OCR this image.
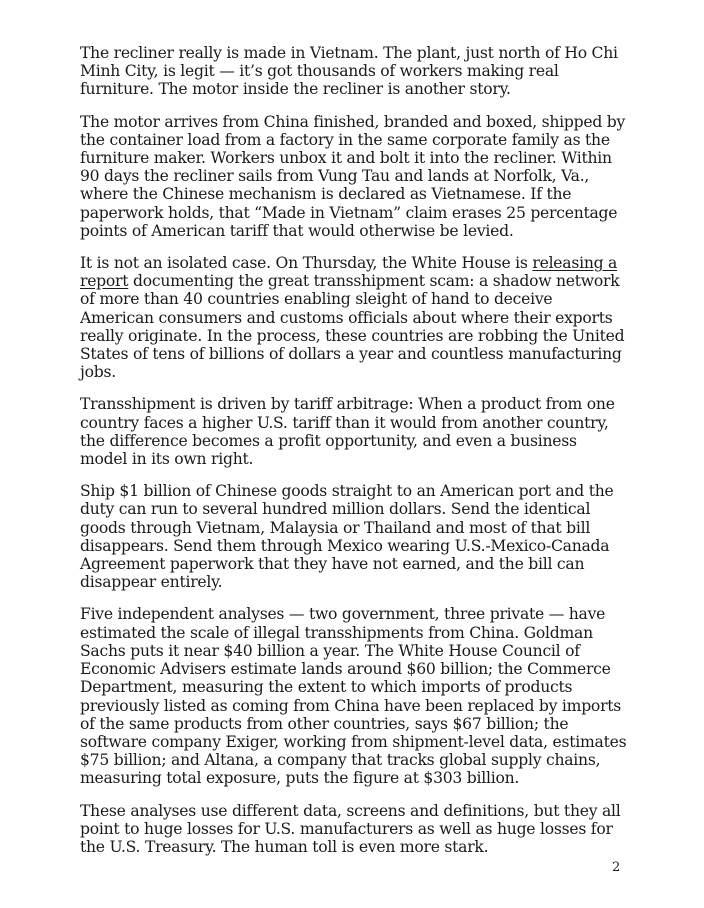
The recliner really is made in Vietnam. The plant, just north of Ho Chi Minh City, is legit — it’s got thousands of workers making real furniture. The motor inside the recliner is another story.

The motor arrives from China finished, branded and boxed, shipped by the container load from a factory in the same corporate family as the furniture maker. Workers unbox it and bolt it into the recliner. Within 90 days the recliner sails from Vung Tau and lands at Norfolk, Va., where the Chinese mechanism is declared as Vietnamese. If the paperwork holds, that “Made in Vietnam” claim erases 25 percentage points of American tariff that would otherwise be levied.

It is not an isolated case. On Thursday, the White House is releasing a report documenting the great transshipment scam: a shadow network of more than 40 countries enabling sleight of hand to deceive American consumers and customs officials about where their exports really originate. In the process, these countries are robbing the United States of tens of billions of dollars a year and countless manufacturing jobs.

Transshipment is driven by tariff arbitrage: When a product from one country faces a higher U.S. tariff than it would from another country, the difference becomes a profit opportunity, and even a business model in its own right.

Ship $1 billion of Chinese goods straight to an American port and the duty can run to several hundred million dollars. Send the identical goods through Vietnam, Malaysia or Thailand and most of that bill disappears. Send them through Mexico wearing U.S.-Mexico-Canada Agreement paperwork that they have not earned, and the bill can disappear entirely.

Five independent analyses — two government, three private — have estimated the scale of illegal transshipments from China. Goldman Sachs puts it near $40 billion a year. The White House Council of Economic Advisers estimate lands around $60 billion; the Commerce Department, measuring the extent to which imports of products previously listed as coming from China have been replaced by imports of the same products from other countries, says $67 billion; the software company Exiger, working from shipment-level data, estimates $75 billion; and Altana, a company that tracks global supply chains, measuring total exposure, puts the figure at $303 billion.

These analyses use different data, screens and definitions, but they all point to huge losses for U.S. manufacturers as well as huge losses for the U.S. Treasury. The human toll is even more stark.

2
